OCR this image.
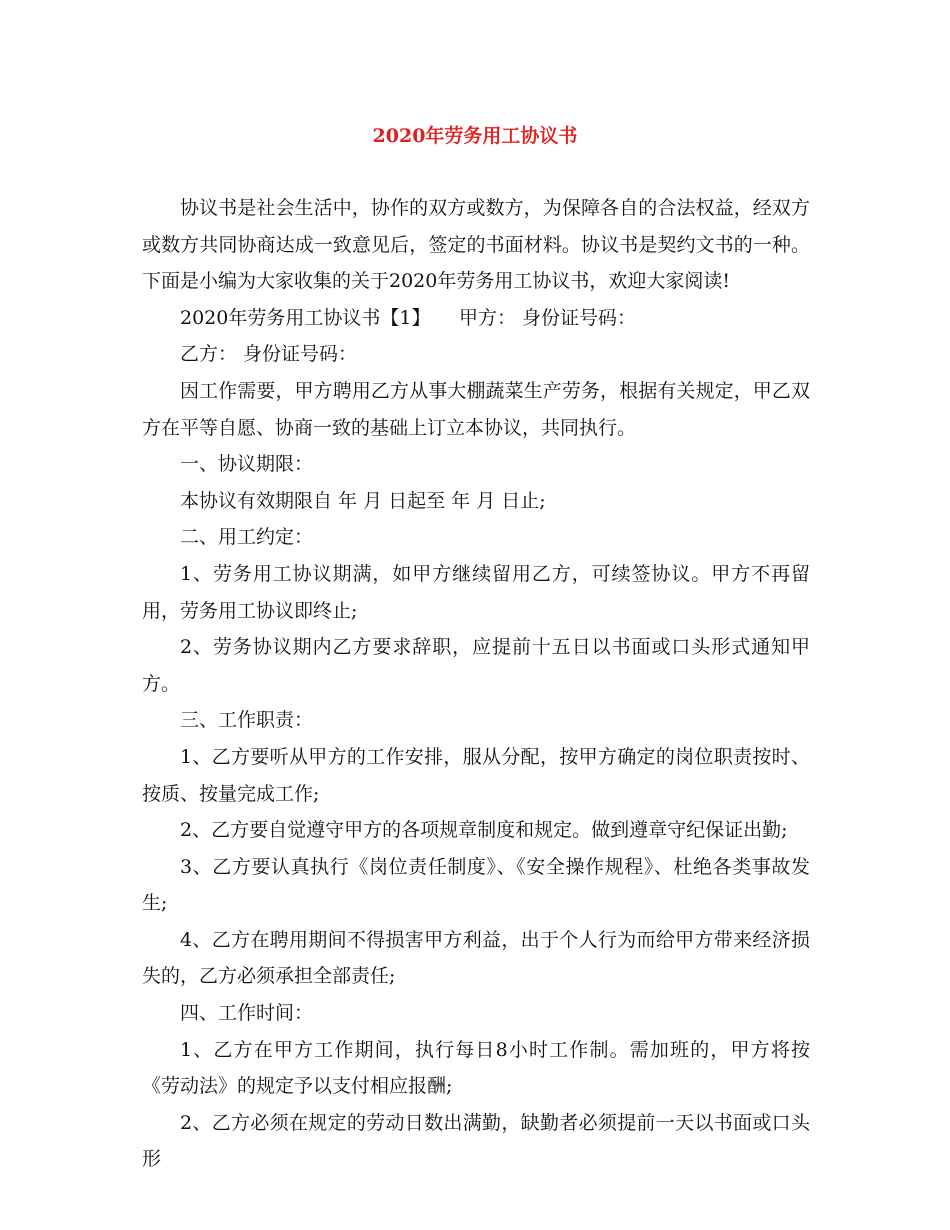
2020年劳务用工协议书

协议书是社会生活中，协作的双方或数方，为保障各自的合法权益，经双方或数方共同协商达成一致意见后，签定的书面材料。协议书是契约文书的一种。下面是小编为大家收集的关于2020年劳务用工协议书，欢迎大家阅读!

2020年劳务用工协议书【1】　　甲方： 身份证号码：

乙方： 身份证号码：

因工作需要，甲方聘用乙方从事大棚蔬菜生产劳务，根据有关规定，甲乙双方在平等自愿、协商一致的基础上订立本协议，共同执行。

一、协议期限：

本协议有效期限自 年 月 日起至 年 月 日止;

二、用工约定：

1、劳务用工协议期满，如甲方继续留用乙方，可续签协议。甲方不再留用，劳务用工协议即终止;

2、劳务协议期内乙方要求辞职，应提前十五日以书面或口头形式通知甲方。

三、工作职责：

1、乙方要听从甲方的工作安排，服从分配，按甲方确定的岗位职责按时、按质、按量完成工作;

2、乙方要自觉遵守甲方的各项规章制度和规定。做到遵章守纪保证出勤;

3、乙方要认真执行《岗位责任制度》、《安全操作规程》、杜绝各类事故发生;

4、乙方在聘用期间不得损害甲方利益，出于个人行为而给甲方带来经济损失的，乙方必须承担全部责任;

四、工作时间：

1、乙方在甲方工作期间，执行每日8小时工作制。需加班的，甲方将按《劳动法》的规定予以支付相应报酬;

2、乙方必须在规定的劳动日数出满勤，缺勤者必须提前一天以书面或口头形
